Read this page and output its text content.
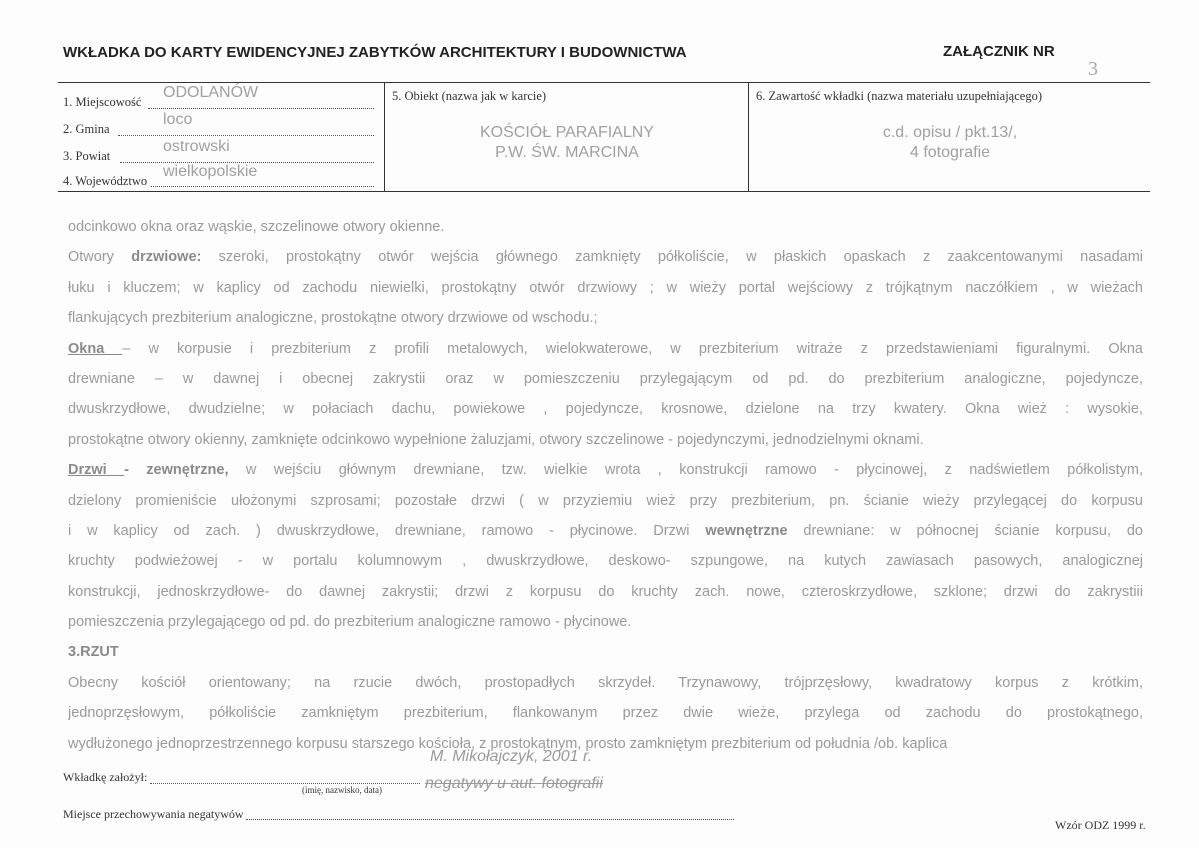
WKŁADKA DO KARTY EWIDENCYJNEJ ZABYTKÓW ARCHITEKTURY I BUDOWNICTWA	ZAŁĄCZNIK NR
3
1. Miejscowość
ODOLANÓW
2. Gmina
loco
3. Powiat
ostrowski
4. Województwo
wielkopolskie
5. Obiekt (nazwa jak w karcie)
KOŚCIÓŁ PARAFIALNY
P.W. ŚW. MARCINA
6. Zawartość wkładki (nazwa materiału uzupełniającego)
c.d. opisu / pkt.13/,
4 fotografie
odcinkowo okna oraz wąskie, szczelinowe otwory okienne.
Otwory drzwiowe: szeroki, prostokątny otwór wejścia głównego zamknięty półkoliście, w płaskich opaskach z zaakcentowanymi nasadami
łuku i kluczem; w kaplicy od zachodu niewielki, prostokątny otwór drzwiowy ; w wieży portal wejściowy z trójkątnym naczółkiem , w wieżach
flankujących prezbiterium analogiczne, prostokątne otwory drzwiowe od wschodu.;
Okna – w korpusie i prezbiterium z profili metalowych, wielokwaterowe, w prezbiterium witraże z przedstawieniami figuralnymi. Okna
drewniane – w dawnej i obecnej zakrystii oraz w pomieszczeniu przylegającym od pd. do prezbiterium analogiczne, pojedyncze,
dwuskrzydłowe, dwudzielne; w połaciach dachu, powiekowe , pojedyncze, krosnowe, dzielone na trzy kwatery. Okna wież : wysokie,
prostokątne otwory okienny, zamknięte odcinkowo wypełnione żaluzjami, otwory szczelinowe - pojedynczymi, jednodzielnymi oknami.
Drzwi - zewnętrzne, w wejściu głównym drewniane, tzw. wielkie wrota , konstrukcji ramowo - płycinowej, z nadświetlem półkolistym,
dzielony promieniście ułożonymi szprosami; pozostałe drzwi ( w przyziemiu wież przy prezbiterium, pn. ścianie wieży przylegącej do korpusu
i w kaplicy od zach. ) dwuskrzydłowe, drewniane, ramowo - płycinowe. Drzwi wewnętrzne drewniane: w północnej ścianie korpusu, do
kruchty podwieżowej - w portalu kolumnowym , dwuskrzydłowe, deskowo- szpungowe, na kutych zawiasach pasowych, analogicznej
konstrukcji, jednoskrzydłowe- do dawnej zakrystii; drzwi z korpusu do kruchty zach. nowe, czteroskrzydłowe, szklone; drzwi do zakrystiii
pomieszczenia przylegającego od pd. do prezbiterium analogiczne ramowo - płycinowe.
3.RZUT
Obecny kościół orientowany; na rzucie dwóch, prostopadłych skrzydeł. Trzynawowy, trójprzęsłowy, kwadratowy korpus z krótkim,
jednoprzęsłowym, półkoliście zamkniętym prezbiterium, flankowanym przez dwie wieże, przylega od zachodu do prostokątnego,
wydłużonego jednoprzestrzennego korpusu starszego kościoła, z prostokątnym, prosto zamkniętym prezbiterium od południa /ob. kaplica
M. Mikołajczyk, 2001 r.
Wkładkę założył:
(imię, nazwisko, data)	negatywy u aut. fotografii
Miejsce przechowywania negatywów
Wzór ODZ 1999 r.
